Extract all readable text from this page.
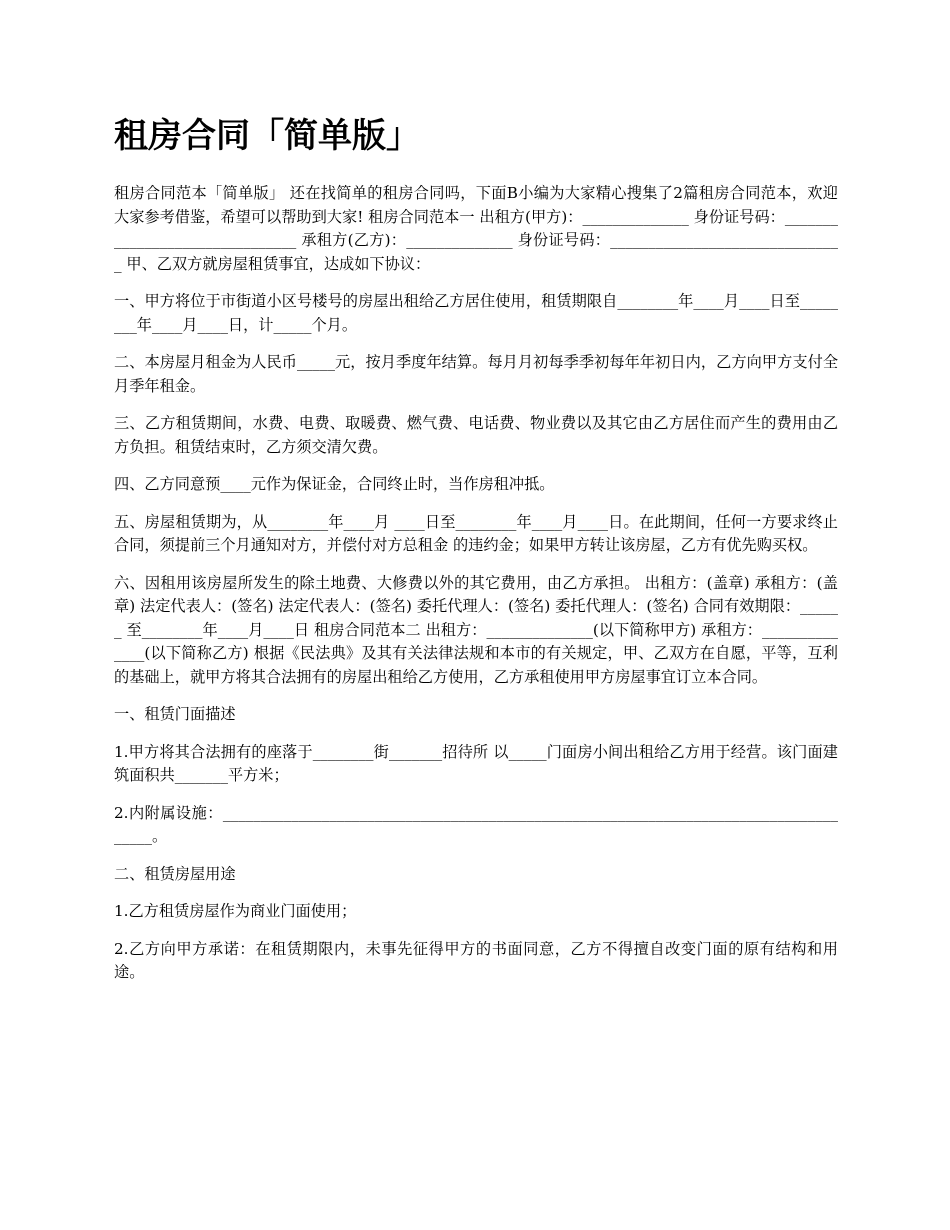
租房合同「简单版」

租房合同范本「简单版」 还在找简单的租房合同吗，下面B小编为大家精心搜集了2篇租房合同范本，欢迎大家参考借鉴，希望可以帮助到大家! 租房合同范本一 出租方(甲方)：______________ 身份证号码：_______________________________ 承租方(乙方)：______________ 身份证号码：_______________________________ 甲、乙双方就房屋租赁事宜，达成如下协议：

一、甲方将位于市街道小区号楼号的房屋出租给乙方居住使用，租赁期限自________年____月____日至________年____月____日，计_____个月。

二、本房屋月租金为人民币_____元，按月季度年结算。每月月初每季季初每年年初日内，乙方向甲方支付全月季年租金。

三、乙方租赁期间，水费、电费、取暖费、燃气费、电话费、物业费以及其它由乙方居住而产生的费用由乙方负担。租赁结束时，乙方须交清欠费。

四、乙方同意预____元作为保证金，合同终止时，当作房租冲抵。

五、房屋租赁期为，从________年____月 ____日至________年____月____日。在此期间，任何一方要求终止合同，须提前三个月通知对方，并偿付对方总租金 的违约金；如果甲方转让该房屋，乙方有优先购买权。

六、因租用该房屋所发生的除土地费、大修费以外的其它费用，由乙方承担。 出租方：(盖章) 承租方：(盖章) 法定代表人：(签名) 法定代表人：(签名) 委托代理人：(签名) 委托代理人：(签名) 合同有效期限：______ 至________年____月____日 租房合同范本二 出租方：______________(以下简称甲方) 承租方：______________(以下简称乙方) 根据《民法典》及其有关法律法规和本市的有关规定，甲、乙双方在自愿，平等，互利的基础上，就甲方将其合法拥有的房屋出租给乙方使用，乙方承租使用甲方房屋事宜订立本合同。

一、租赁门面描述

1.甲方将其合法拥有的座落于________街_______招待所 以_____门面房小间出租给乙方用于经营。该门面建筑面积共_______平方米；

2.内附属设施：______________________________________________________________________________________。

二、租赁房屋用途

1.乙方租赁房屋作为商业门面使用；

2.乙方向甲方承诺：在租赁期限内，未事先征得甲方的书面同意，乙方不得擅自改变门面的原有结构和用途。
